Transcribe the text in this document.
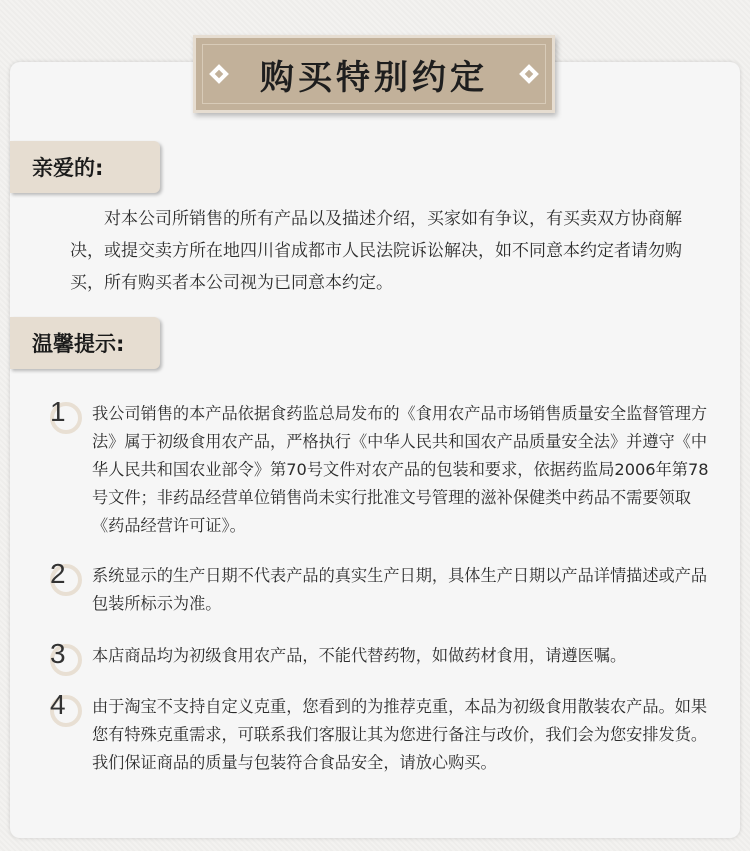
购买特别约定
亲爱的:

对本公司所销售的所有产品以及描述介绍，买家如有争议，有买卖双方协商解决，或提交卖方所在地四川省成都市人民法院诉讼解决，如不同意本约定者请勿购买，所有购买者本公司视为已同意本约定。

温馨提示:
1 我公司销售的本产品依据食药监总局发布的《食用农产品市场销售质量安全监督管理方法》属于初级食用农产品，严格执行《中华人民共和国农产品质量安全法》并遵守《中华人民共和国农业部令》第70号文件对农产品的包装和要求，依据药监局2006年第78号文件；非药品经营单位销售尚未实行批准文号管理的滋补保健类中药品不需要领取《药品经营许可证》。

2 系统显示的生产日期不代表产品的真实生产日期，具体生产日期以产品详情描述或产品包装所标示为准。

3 本店商品均为初级食用农产品，不能代替药物，如做药材食用，请遵医嘱。

4 由于淘宝不支持自定义克重，您看到的为推荐克重，本品为初级食用散装农产品。如果您有特殊克重需求，可联系我们客服让其为您进行备注与改价，我们会为您安排发货。我们保证商品的质量与包装符合食品安全，请放心购买。
